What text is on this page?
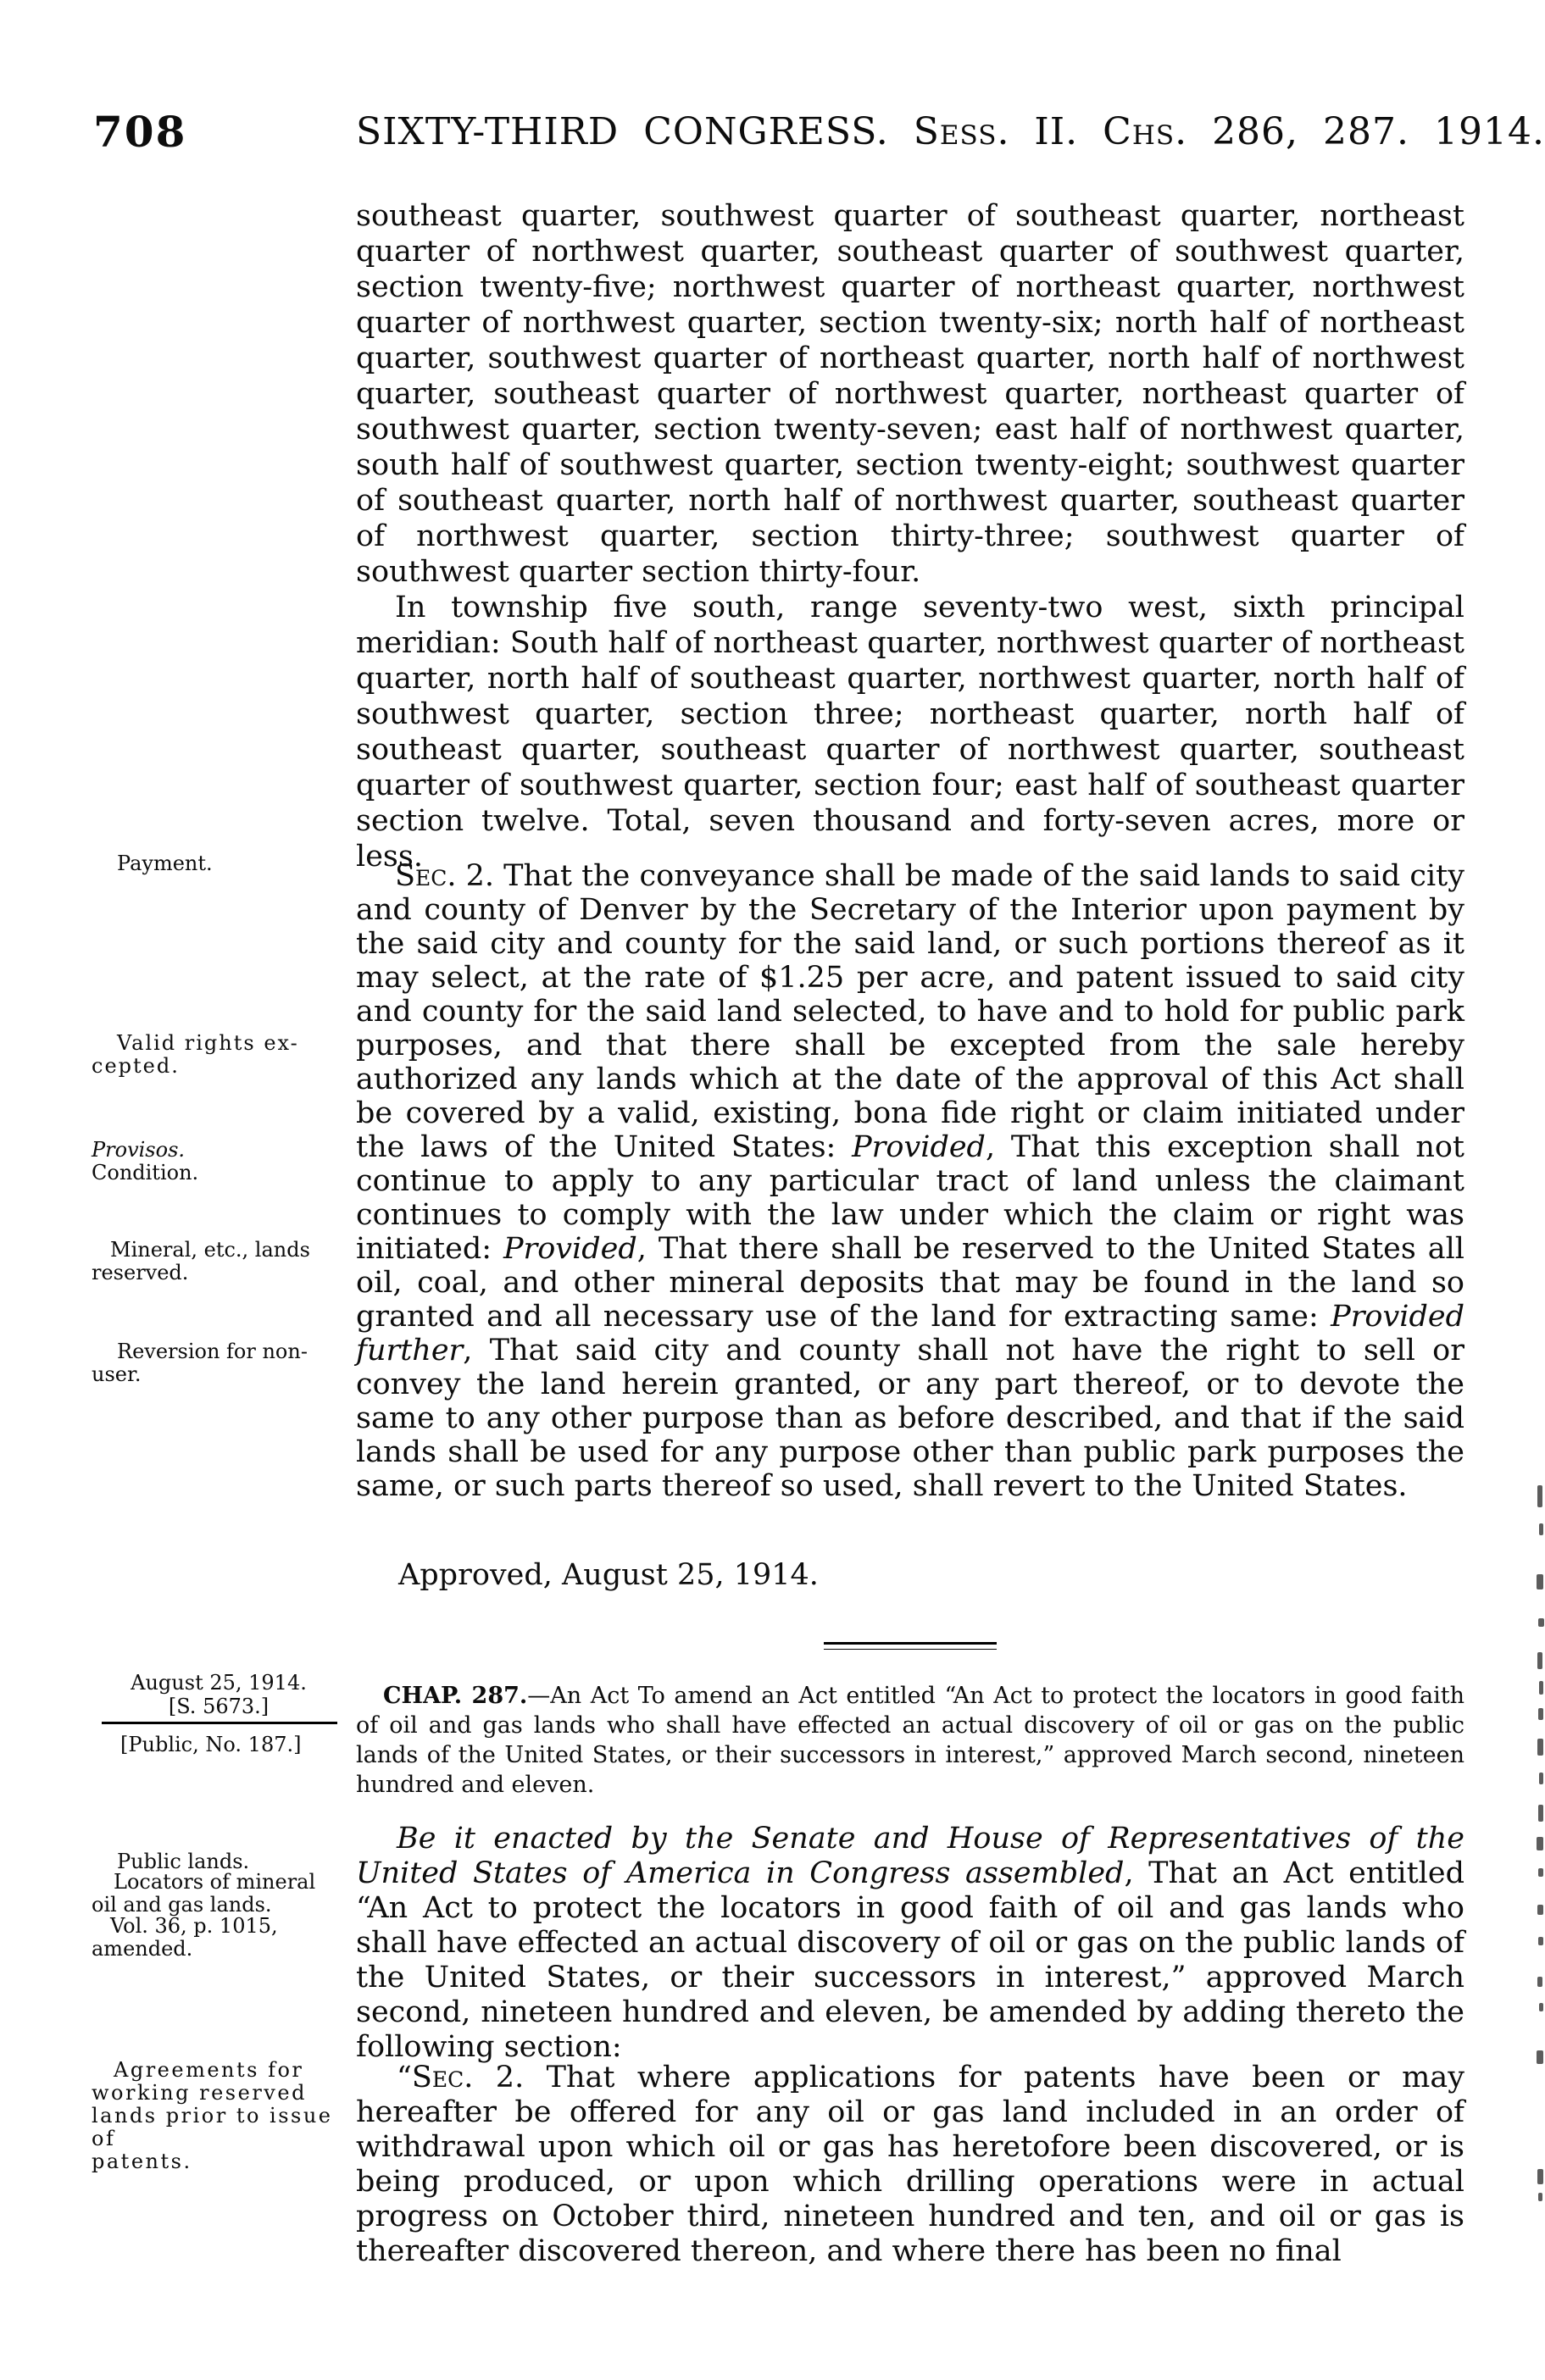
708	SIXTY-THIRD CONGRESS. Sess. II. Chs. 286, 287. 1914.

southeast quarter, southwest quarter of southeast quarter, northeast quarter of northwest quarter, southeast quarter of southwest quarter, section twenty-five; northwest quarter of northeast quarter, northwest quarter of northwest quarter, section twenty-six; north half of northeast quarter, southwest quarter of northeast quarter, north half of northwest quarter, southeast quarter of northwest quarter, northeast quarter of southwest quarter, section twenty-seven; east half of northwest quarter, south half of southwest quarter, section twenty-eight; southwest quarter of southeast quarter, north half of northwest quarter, southeast quarter of northwest quarter, section thirty-three; southwest quarter of southwest quarter section thirty-four.

In township five south, range seventy-two west, sixth principal meridian: South half of northeast quarter, northwest quarter of northeast quarter, north half of southeast quarter, northwest quarter, north half of southwest quarter, section three; northeast quarter, north half of southeast quarter, southeast quarter of northwest quarter, southeast quarter of southwest quarter, section four; east half of southeast quarter section twelve. Total, seven thousand and forty-seven acres, more or less.

Sec. 2. That the conveyance shall be made of the said lands to said city and county of Denver by the Secretary of the Interior upon payment by the said city and county for the said land, or such portions thereof as it may select, at the rate of $1.25 per acre, and patent issued to said city and county for the said land selected, to have and to hold for public park purposes, and that there shall be excepted from the sale hereby authorized any lands which at the date of the approval of this Act shall be covered by a valid, existing, bona fide right or claim initiated under the laws of the United States: Provided, That this exception shall not continue to apply to any particular tract of land unless the claimant continues to comply with the law under which the claim or right was initiated: Provided, That there shall be reserved to the United States all oil, coal, and other mineral deposits that may be found in the land so granted and all necessary use of the land for extracting same: Provided further, That said city and county shall not have the right to sell or convey the land herein granted, or any part thereof, or to devote the same to any other purpose than as before described, and that if the said lands shall be used for any purpose other than public park purposes the same, or such parts thereof so used, shall revert to the United States.

Approved, August 25, 1914.

CHAP. 287.—An Act To amend an Act entitled “An Act to protect the locators in good faith of oil and gas lands who shall have effected an actual discovery of oil or gas on the public lands of the United States, or their successors in interest,” approved March second, nineteen hundred and eleven.

Be it enacted by the Senate and House of Representatives of the United States of America in Congress assembled, That an Act entitled “An Act to protect the locators in good faith of oil and gas lands who shall have effected an actual discovery of oil or gas on the public lands of the United States, or their successors in interest,” approved March second, nineteen hundred and eleven, be amended by adding thereto the following section:

“Sec. 2. That where applications for patents have been or may hereafter be offered for any oil or gas land included in an order of withdrawal upon which oil or gas has heretofore been discovered, or is being produced, or upon which drilling operations were in actual progress on October third, nineteen hundred and ten, and oil or gas is thereafter discovered thereon, and where there has been no final

Payment.
Valid rights ex-
cepted.
Provisos.
Condition.
Mineral, etc., lands
reserved.
Reversion for non-
user.
August 25, 1914.
[S. 5673.]
[Public, No. 187.]
Public lands.
Locators of mineral
oil and gas lands.
Vol. 36, p. 1015,
amended.
Agreements for
working reserved
lands prior to issue of
patents.
